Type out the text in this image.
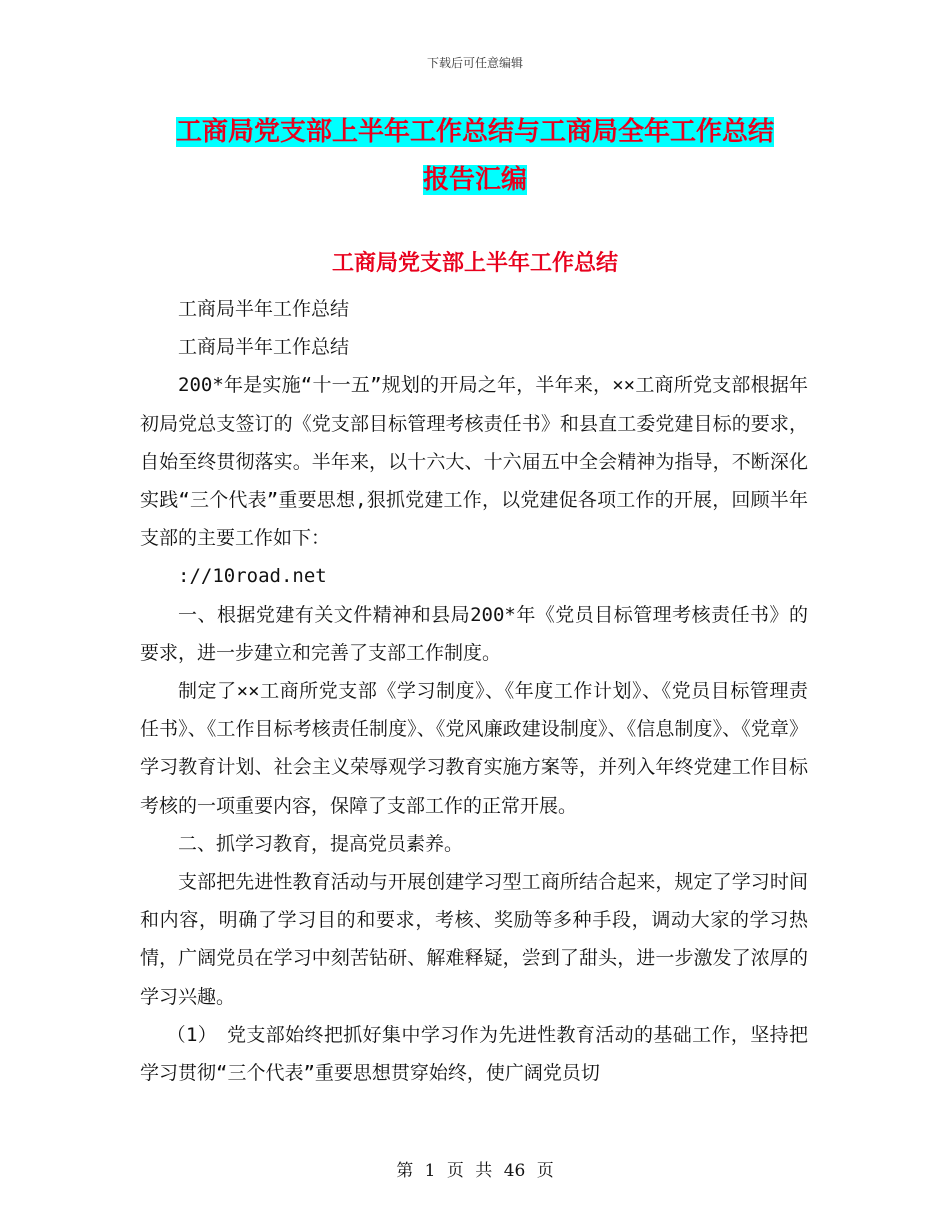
下载后可任意编辑
工商局党支部上半年工作总结与工商局全年工作总结
报告汇编
工商局党支部上半年工作总结

工商局半年工作总结

工商局半年工作总结

200*年是实施“十一五”规划的开局之年，半年来，××工商所党支部根据年初局党总支签订的《党支部目标管理考核责任书》和县直工委党建目标的要求，自始至终贯彻落实。半年来，以十六大、十六届五中全会精神为指导，不断深化实践“三个代表”重要思想,狠抓党建工作，以党建促各项工作的开展，回顾半年支部的主要工作如下：

://10road.net

一、根据党建有关文件精神和县局200*年《党员目标管理考核责任书》的要求，进一步建立和完善了支部工作制度。

制定了××工商所党支部《学习制度》、《年度工作计划》、《党员目标管理责任书》、《工作目标考核责任制度》、《党风廉政建设制度》、《信息制度》、《党章》学习教育计划、社会主义荣辱观学习教育实施方案等，并列入年终党建工作目标考核的一项重要内容，保障了支部工作的正常开展。

二、抓学习教育，提高党员素养。

支部把先进性教育活动与开展创建学习型工商所结合起来，规定了学习时间和内容，明确了学习目的和要求，考核、奖励等多种手段，调动大家的学习热情，广阔党员在学习中刻苦钻研、解难释疑，尝到了甜头，进一步激发了浓厚的学习兴趣。

（1）　党支部始终把抓好集中学习作为先进性教育活动的基础工作，坚持把学习贯彻“三个代表”重要思想贯穿始终，使广阔党员切

第 1 页 共 46 页
